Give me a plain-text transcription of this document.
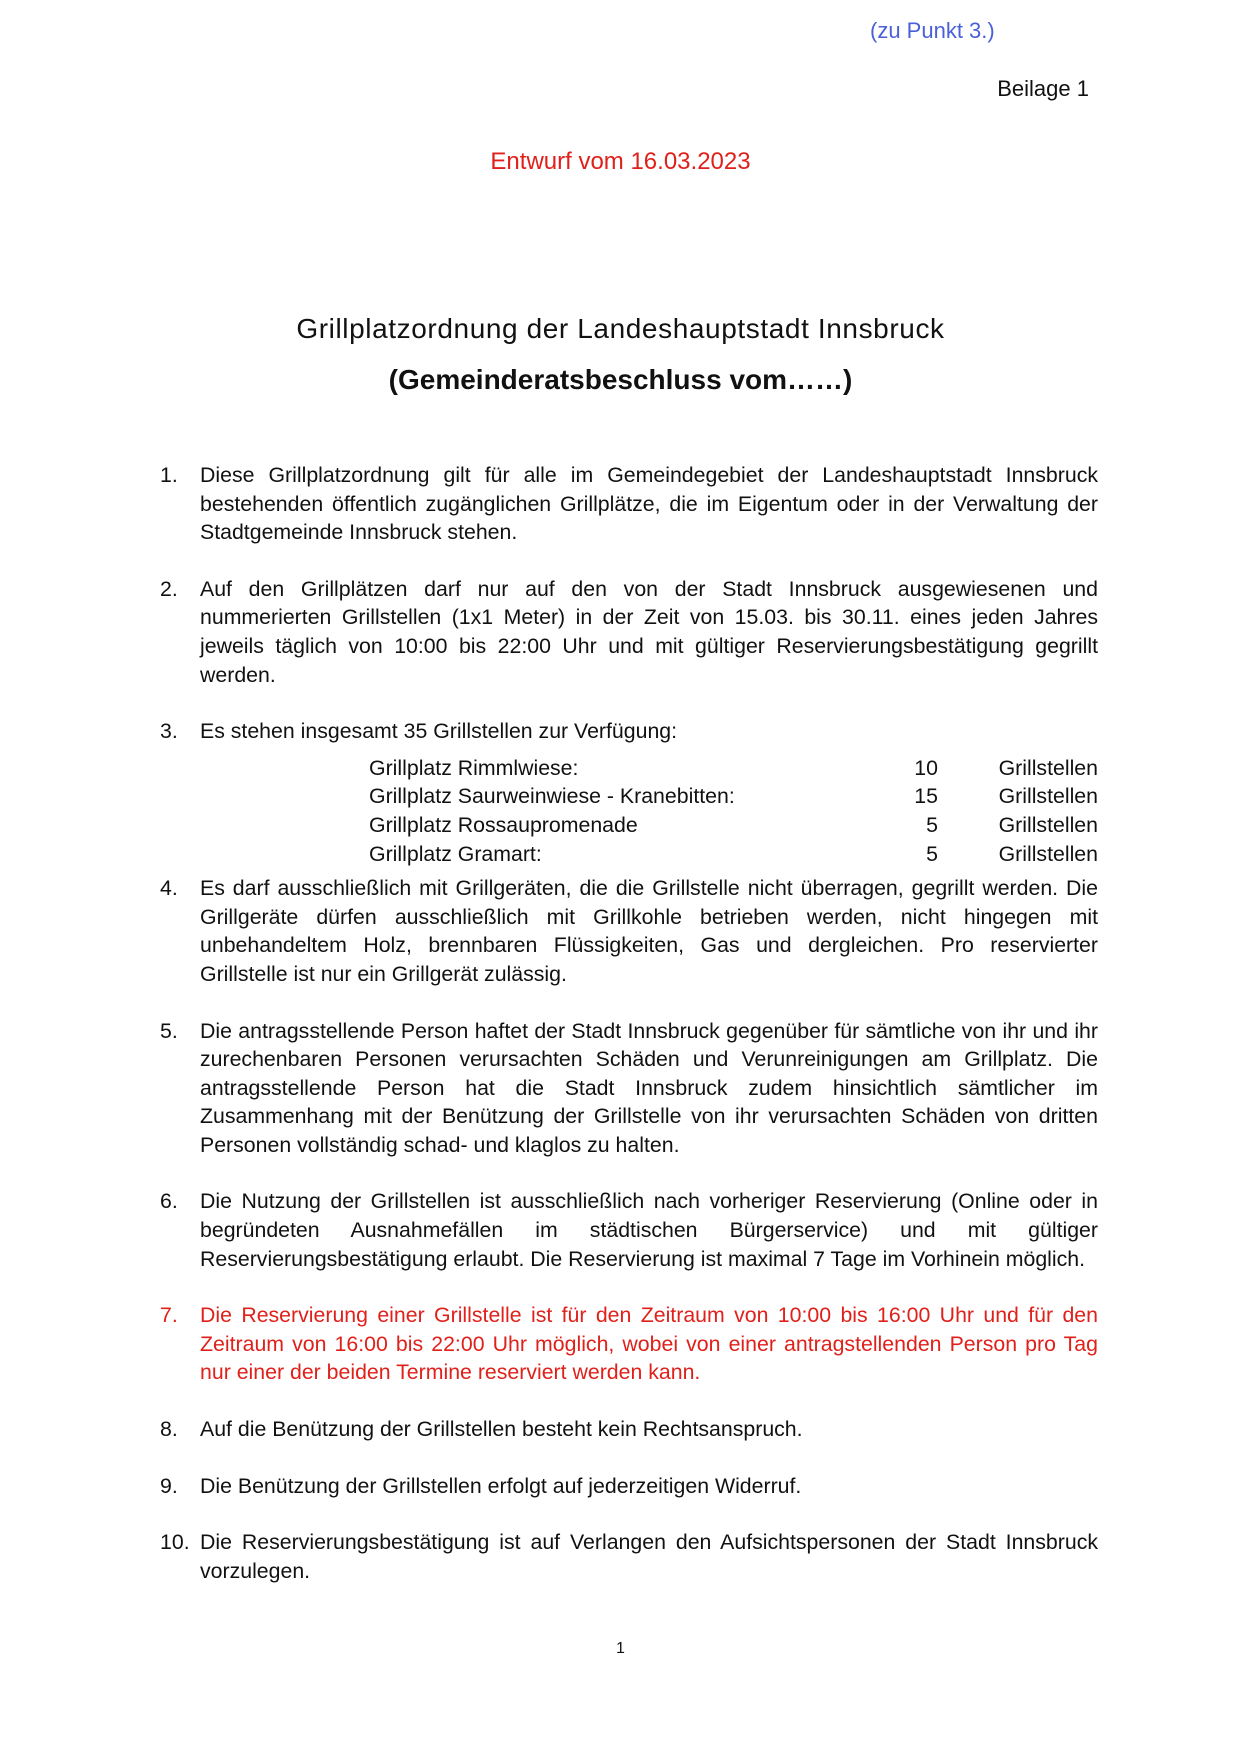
(zu Punkt 3.)
Beilage 1
Entwurf vom 16.03.2023
Grillplatzordnung der Landeshauptstadt Innsbruck
(Gemeinderatsbeschluss vom……)
1. Diese Grillplatzordnung gilt für alle im Gemeindegebiet der Landeshauptstadt Innsbruck bestehenden öffentlich zugänglichen Grillplätze, die im Eigentum oder in der Verwaltung der Stadtgemeinde Innsbruck stehen.
2. Auf den Grillplätzen darf nur auf den von der Stadt Innsbruck ausgewiesenen und nummerierten Grillstellen (1x1 Meter) in der Zeit von 15.03. bis 30.11. eines jeden Jahres jeweils täglich von 10:00 bis 22:00 Uhr und mit gültiger Reservierungsbestätigung gegrillt werden.
3. Es stehen insgesamt 35 Grillstellen zur Verfügung:
Grillplatz Rimmlwiese:	10	Grillstellen
Grillplatz Saurweinwiese - Kranebitten:	15	Grillstellen
Grillplatz Rossaupromenade	5	Grillstellen
Grillplatz Gramart:	5	Grillstellen
4. Es darf ausschließlich mit Grillgeräten, die die Grillstelle nicht überragen, gegrillt werden. Die Grillgeräte dürfen ausschließlich mit Grillkohle betrieben werden, nicht hingegen mit unbehandeltem Holz, brennbaren Flüssigkeiten, Gas und dergleichen. Pro reservierter Grillstelle ist nur ein Grillgerät zulässig.
5. Die antragsstellende Person haftet der Stadt Innsbruck gegenüber für sämtliche von ihr und ihr zurechenbaren Personen verursachten Schäden und Verunreinigungen am Grillplatz. Die antragsstellende Person hat die Stadt Innsbruck zudem hinsichtlich sämtlicher im Zusammenhang mit der Benützung der Grillstelle von ihr verursachten Schäden von dritten Personen vollständig schad- und klaglos zu halten.
6. Die Nutzung der Grillstellen ist ausschließlich nach vorheriger Reservierung (Online oder in begründeten Ausnahmefällen im städtischen Bürgerservice) und mit gültiger Reservierungsbestätigung erlaubt. Die Reservierung ist maximal 7 Tage im Vorhinein möglich.
7. Die Reservierung einer Grillstelle ist für den Zeitraum von 10:00 bis 16:00 Uhr und für den Zeitraum von 16:00 bis 22:00 Uhr möglich, wobei von einer antragstellenden Person pro Tag nur einer der beiden Termine reserviert werden kann.
8. Auf die Benützung der Grillstellen besteht kein Rechtsanspruch.
9. Die Benützung der Grillstellen erfolgt auf jederzeitigen Widerruf.
10. Die Reservierungsbestätigung ist auf Verlangen den Aufsichtspersonen der Stadt Innsbruck vorzulegen.
1
